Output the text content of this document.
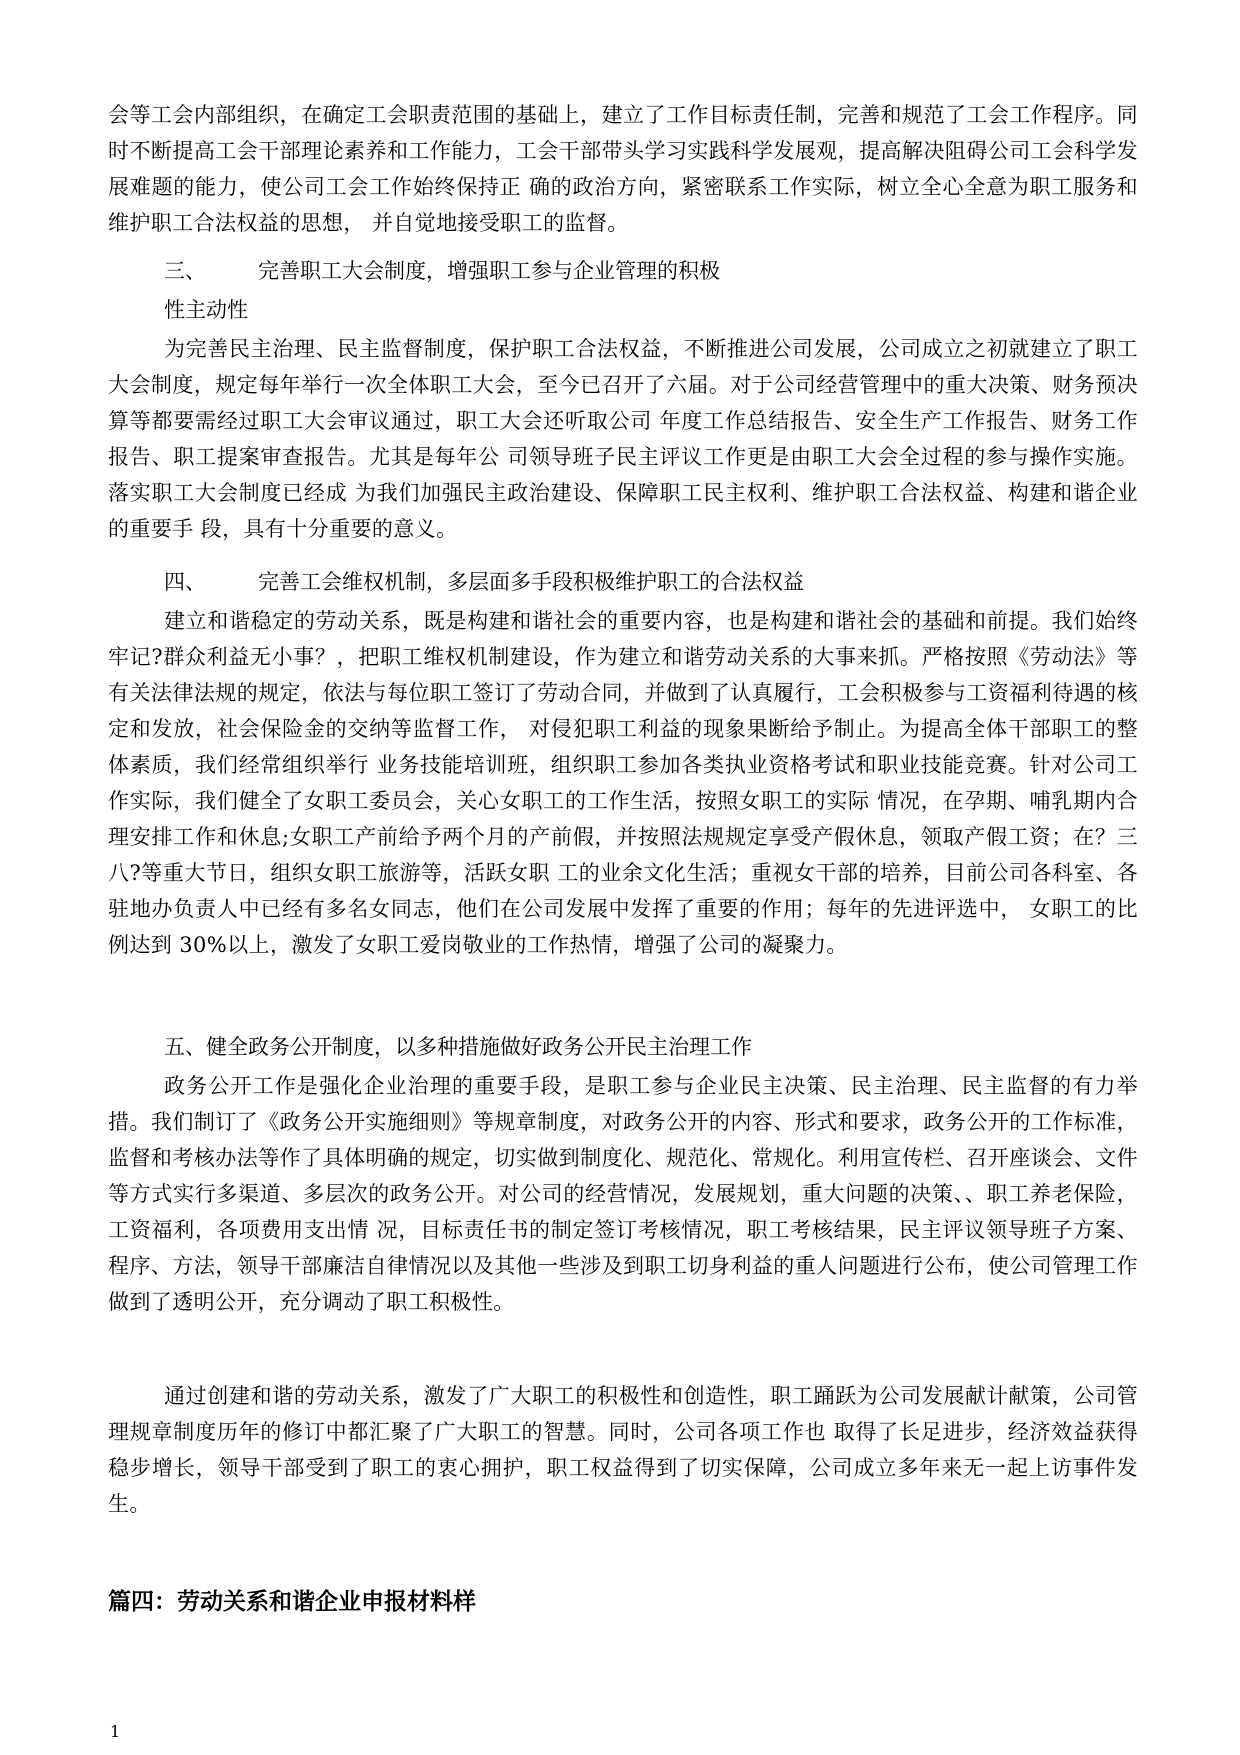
会等工会内部组织，在确定工会职责范围的基础上，建立了工作目标责任制，完善和规范了工会工作程序。同时不断提高工会干部理论素养和工作能力，工会干部带头学习实践科学发展观，提高解决阻碍公司工会科学发展难题的能力，使公司工会工作始终保持正 确的政治方向，紧密联系工作实际，树立全心全意为职工服务和维护职工合法权益的思想， 并自觉地接受职工的监督。

三、 完善职工大会制度，增强职工参与企业管理的积极

性主动性

为完善民主治理、民主监督制度，保护职工合法权益，不断推进公司发展，公司成立之初就建立了职工大会制度，规定每年举行一次全体职工大会，至今已召开了六届。对于公司经营管理中的重大决策、财务预决算等都要需经过职工大会审议通过，职工大会还听取公司 年度工作总结报告、安全生产工作报告、财务工作报告、职工提案审查报告。尤其是每年公 司领导班子民主评议工作更是由职工大会全过程的参与操作实施。落实职工大会制度已经成 为我们加强民主政治建设、保障职工民主权利、维护职工合法权益、构建和谐企业的重要手 段，具有十分重要的意义。

四、 完善工会维权机制，多层面多手段积极维护职工的合法权益

建立和谐稳定的劳动关系，既是构建和谐社会的重要内容，也是构建和谐社会的基础和前提。我们始终牢记?群众利益无小事？，把职工维权机制建设，作为建立和谐劳动关系的大事来抓。严格按照《劳动法》等有关法律法规的规定，依法与每位职工签订了劳动合同，并做到了认真履行，工会积极参与工资福利待遇的核定和发放，社会保险金的交纳等监督工作， 对侵犯职工利益的现象果断给予制止。为提高全体干部职工的整体素质，我们经常组织举行 业务技能培训班，组织职工参加各类执业资格考试和职业技能竞赛。针对公司工作实际，我们健全了女职工委员会，关心女职工的工作生活，按照女职工的实际 情况，在孕期、哺乳期内合理安排工作和休息;女职工产前给予两个月的产前假，并按照法规规定享受产假休息，领取产假工资；在？三八?等重大节日，组织女职工旅游等，活跃女职 工的业余文化生活；重视女干部的培养，目前公司各科室、各驻地办负责人中已经有多名女同志，他们在公司发展中发挥了重要的作用；每年的先进评选中， 女职工的比例达到 30%以上，激发了女职工爱岗敬业的工作热情，增强了公司的凝聚力。

五、健全政务公开制度，以多种措施做好政务公开民主治理工作

政务公开工作是强化企业治理的重要手段，是职工参与企业民主决策、民主治理、民主监督的有力举措。我们制订了《政务公开实施细则》等规章制度，对政务公开的内容、形式和要求，政务公开的工作标准，监督和考核办法等作了具体明确的规定，切实做到制度化、规范化、常规化。利用宣传栏、召开座谈会、文件等方式实行多渠道、多层次的政务公开。对公司的经营情况，发展规划，重大问题的决策、、职工养老保险，工资福利，各项费用支出情 况，目标责任书的制定签订考核情况，职工考核结果，民主评议领导班子方案、程序、方法，领导干部廉洁自律情况以及其他一些涉及到职工切身利益的重人问题进行公布，使公司管理工作做到了透明公开，充分调动了职工积极性。

通过创建和谐的劳动关系，激发了广大职工的积极性和创造性，职工踊跃为公司发展献计献策，公司管理规章制度历年的修订中都汇聚了广大职工的智慧。同时，公司各项工作也 取得了长足进步，经济效益获得稳步增长，领导干部受到了职工的衷心拥护，职工权益得到了切实保障，公司成立多年来无一起上访事件发生。

篇四：劳动关系和谐企业申报材料样

1
